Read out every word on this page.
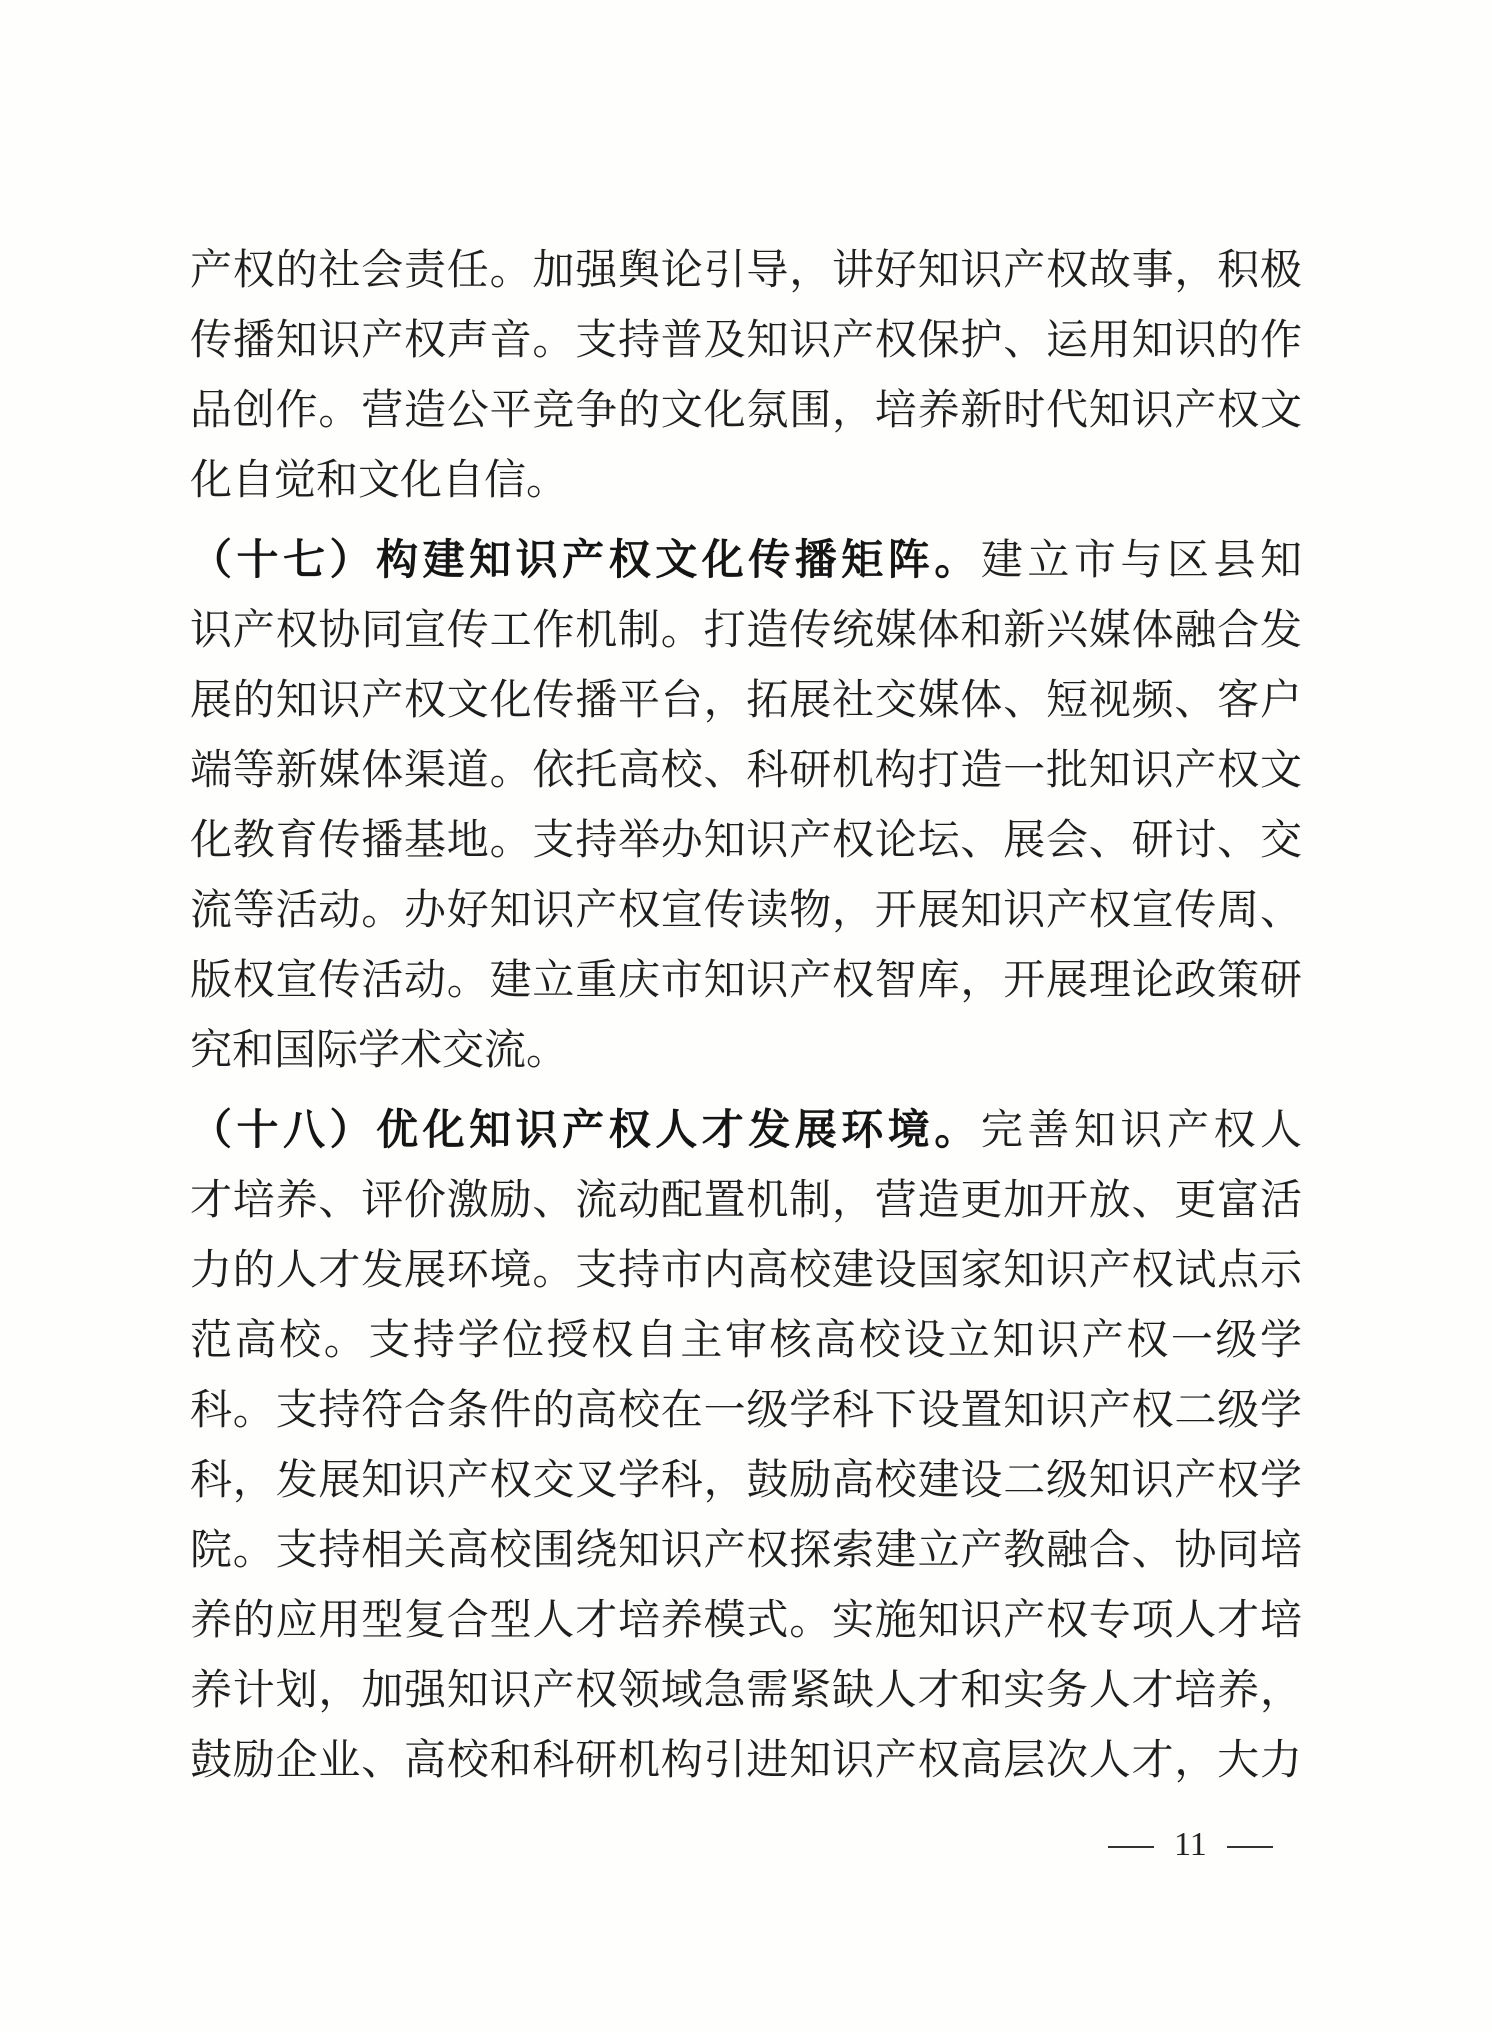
产权的社会责任。加强舆论引导，讲好知识产权故事，积极
传播知识产权声音。支持普及知识产权保护、运用知识的作
品创作。营造公平竞争的文化氛围，培养新时代知识产权文
化自觉和文化自信。
（十七）构建知识产权文化传播矩阵。建立市与区县知
识产权协同宣传工作机制。打造传统媒体和新兴媒体融合发
展的知识产权文化传播平台，拓展社交媒体、短视频、客户
端等新媒体渠道。依托高校、科研机构打造一批知识产权文
化教育传播基地。支持举办知识产权论坛、展会、研讨、交
流等活动。办好知识产权宣传读物，开展知识产权宣传周、
版权宣传活动。建立重庆市知识产权智库，开展理论政策研
究和国际学术交流。
（十八）优化知识产权人才发展环境。完善知识产权人
才培养、评价激励、流动配置机制，营造更加开放、更富活
力的人才发展环境。支持市内高校建设国家知识产权试点示
范高校。支持学位授权自主审核高校设立知识产权一级学
科。支持符合条件的高校在一级学科下设置知识产权二级学
科，发展知识产权交叉学科，鼓励高校建设二级知识产权学
院。支持相关高校围绕知识产权探索建立产教融合、协同培
养的应用型复合型人才培养模式。实施知识产权专项人才培
养计划，加强知识产权领域急需紧缺人才和实务人才培养，
鼓励企业、高校和科研机构引进知识产权高层次人才，大力
11
